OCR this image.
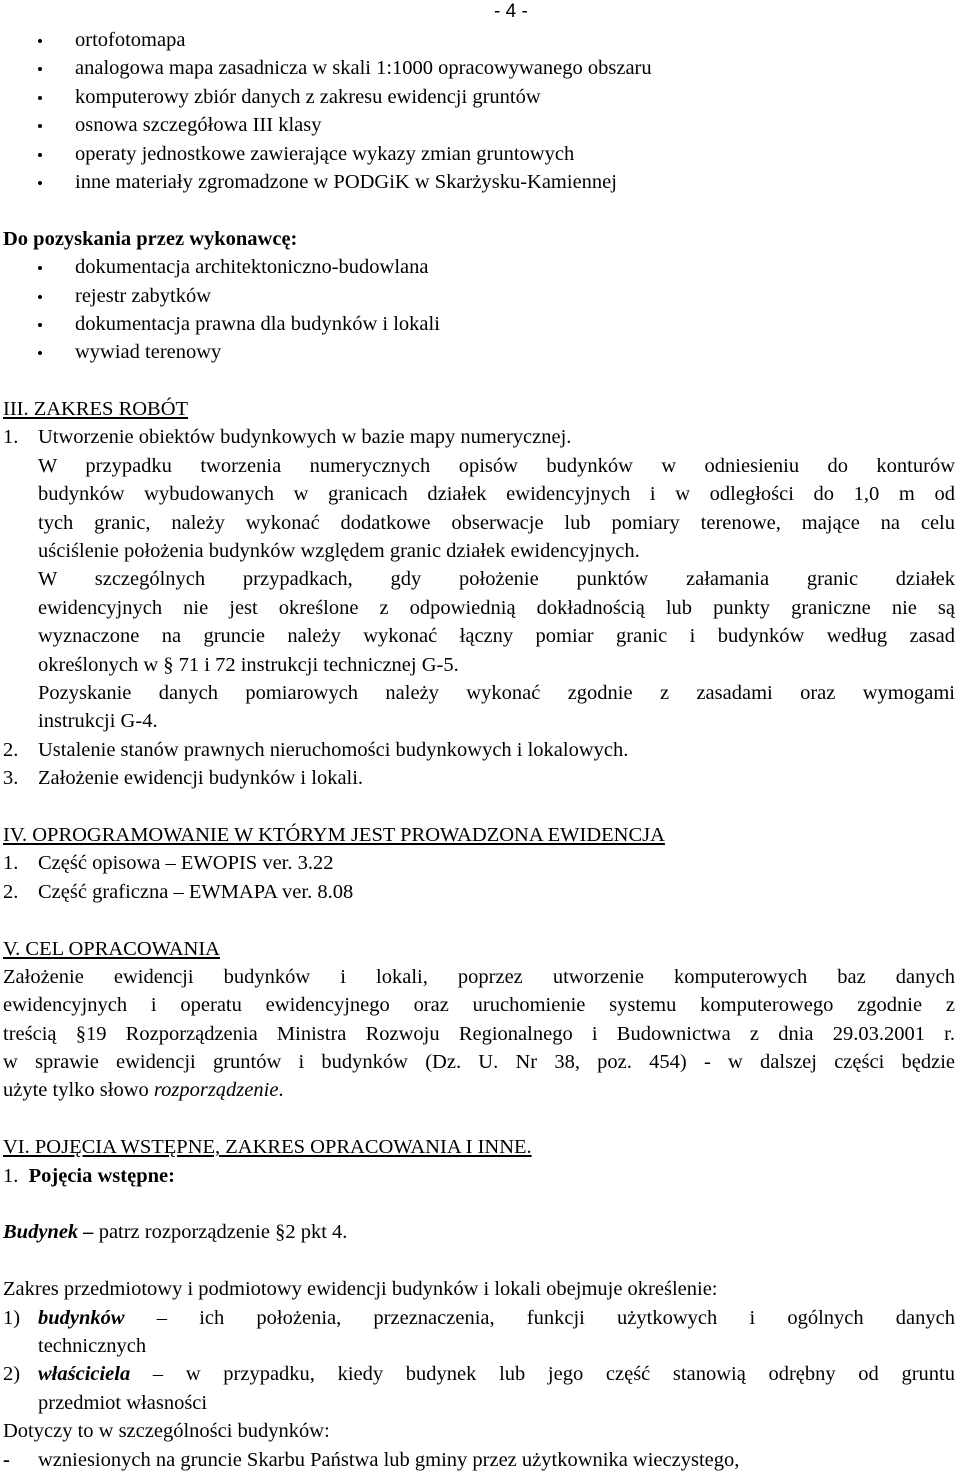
- 4 -
ortofotomapa
analogowa mapa zasadnicza w skali 1:1000 opracowywanego obszaru
komputerowy zbiór danych z zakresu ewidencji gruntów
osnowa szczegółowa III klasy
operaty jednostkowe zawierające wykazy zmian gruntowych
inne materiały zgromadzone w PODGiK w Skarżysku-Kamiennej
Do pozyskania przez wykonawcę:
dokumentacja architektoniczno-budowlana
rejestr zabytków
dokumentacja prawna dla budynków i lokali
wywiad terenowy
III. ZAKRES ROBÓT
1. Utworzenie obiektów budynkowych w bazie mapy numerycznej.
W przypadku tworzenia numerycznych opisów budynków w odniesieniu do konturów
budynków wybudowanych w granicach działek ewidencyjnych i w odległości do 1,0 m od
tych granic, należy wykonać dodatkowe obserwacje lub pomiary terenowe, mające na celu
uściślenie położenia budynków względem granic działek ewidencyjnych.
W szczególnych przypadkach, gdy położenie punktów załamania granic działek
ewidencyjnych nie jest określone z odpowiednią dokładnością lub punkty graniczne nie są
wyznaczone na gruncie należy wykonać łączny pomiar granic i budynków według zasad
określonych w § 71 i 72 instrukcji technicznej G-5.
Pozyskanie danych pomiarowych należy wykonać zgodnie z zasadami oraz wymogami
instrukcji G-4.
2. Ustalenie stanów prawnych nieruchomości budynkowych i lokalowych.
3. Założenie ewidencji budynków i lokali.
IV. OPROGRAMOWANIE W KTÓRYM JEST PROWADZONA EWIDENCJA
1. Część opisowa – EWOPIS ver. 3.22
2. Część graficzna – EWMAPA ver. 8.08
V. CEL OPRACOWANIA
Założenie ewidencji budynków i lokali, poprzez utworzenie komputerowych baz danych
ewidencyjnych i operatu ewidencyjnego oraz uruchomienie systemu komputerowego zgodnie z
treścią §19 Rozporządzenia Ministra Rozwoju Regionalnego i Budownictwa z dnia 29.03.2001 r.
w sprawie ewidencji gruntów i budynków (Dz. U. Nr 38, poz. 454) - w dalszej części będzie
użyte tylko słowo rozporządzenie.
VI. POJĘCIA WSTĘPNE, ZAKRES OPRACOWANIA I INNE.
1. Pojęcia wstępne:
Budynek – patrz rozporządzenie §2 pkt 4.
Zakres przedmiotowy i podmiotowy ewidencji budynków i lokali obejmuje określenie:
1) budynków – ich położenia, przeznaczenia, funkcji użytkowych i ogólnych danych
technicznych
2) właściciela – w przypadku, kiedy budynek lub jego część stanowią odrębny od gruntu
przedmiot własności
Dotyczy to w szczególności budynków:
- wzniesionych na gruncie Skarbu Państwa lub gminy przez użytkownika wieczystego,
